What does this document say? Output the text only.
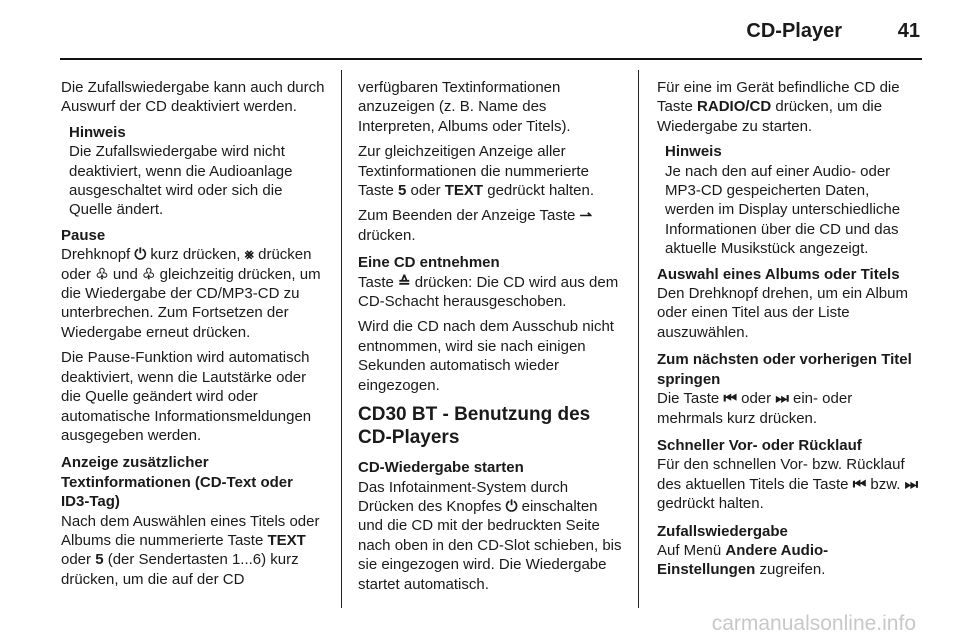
CD-Player	41

Die Zufallswiedergabe kann auch durch Auswurf der CD deaktiviert werden.

Hinweis
Die Zufallswiedergabe wird nicht deaktiviert, wenn die Audioanlage ausgeschaltet wird oder sich die Quelle ändert.
Pause

Drehknopf ⏻ kurz drücken, ⨳ drücken oder ♧ und ♧ gleichzeitig drücken, um die Wiedergabe der CD/MP3-CD zu unterbrechen. Zum Fortsetzen der Wiedergabe erneut drücken.

Die Pause-Funktion wird automatisch deaktiviert, wenn die Lautstärke oder die Quelle geändert wird oder automatische Informationsmeldungen ausgegeben werden.

Anzeige zusätzlicher Textinformationen (CD-Text oder ID3-Tag)

Nach dem Auswählen eines Titels oder Albums die nummerierte Taste TEXT oder 5 (der Sendertasten 1...6) kurz drücken, um die auf der CD

verfügbaren Textinformationen anzuzeigen (z. B. Name des Interpreten, Albums oder Titels).

Zur gleichzeitigen Anzeige aller Textinformationen die nummerierte Taste 5 oder TEXT gedrückt halten.

Zum Beenden der Anzeige Taste ⇀ drücken.

Eine CD entnehmen

Taste ≙ drücken: Die CD wird aus dem CD-Schacht herausgeschoben.

Wird die CD nach dem Ausschub nicht entnommen, wird sie nach einigen Sekunden automatisch wieder eingezogen.

CD30 BT - Benutzung des CD-Players
CD-Wiedergabe starten

Das Infotainment-System durch Drücken des Knopfes ⏻ einschalten und die CD mit der bedruckten Seite nach oben in den CD-Slot schieben, bis sie eingezogen wird. Die Wiedergabe startet automatisch.

Für eine im Gerät befindliche CD die Taste RADIO/CD drücken, um die Wiedergabe zu starten.

Hinweis
Je nach den auf einer Audio- oder MP3-CD gespeicherten Daten, werden im Display unterschiedliche Informationen über die CD und das aktuelle Musikstück angezeigt.
Auswahl eines Albums oder Titels

Den Drehknopf drehen, um ein Album oder einen Titel aus der Liste auszuwählen.

Zum nächsten oder vorherigen Titel springen

Die Taste ⏮ oder ⏭ ein- oder mehrmals kurz drücken.

Schneller Vor- oder Rücklauf

Für den schnellen Vor- bzw. Rücklauf des aktuellen Titels die Taste ⏮ bzw. ⏭ gedrückt halten.

Zufallswiedergabe

Auf Menü Andere Audio-Einstellungen zugreifen.

carmanualsonline.info
